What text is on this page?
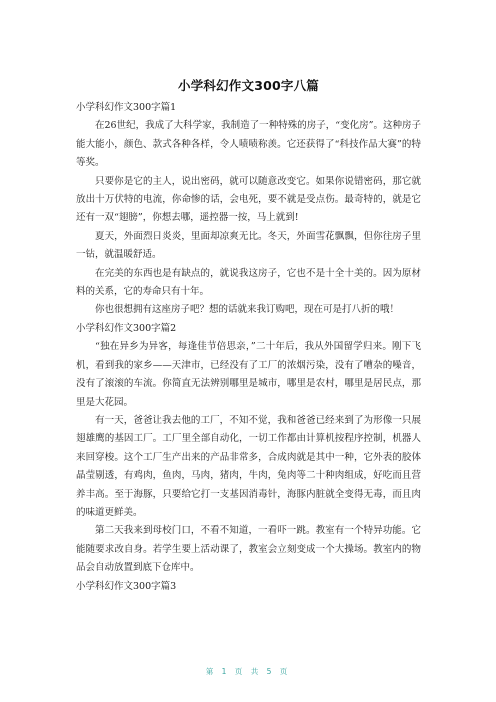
小学科幻作文300字八篇

小学科幻作文300字篇1

在26世纪，我成了大科学家，我制造了一种特殊的房子，“变化房”。这种房子能大能小，颜色、款式各种各样，令人啧啧称羡。它还获得了“科技作品大赛”的特等奖。

只要你是它的主人，说出密码，就可以随意改变它。如果你说错密码，那它就放出十万伏特的电流，你命惨的话，会电死，要不就是受点伤。最奇特的，就是它还有一双“翅膀”，你想去哪，遥控器一按，马上就到!

夏天，外面烈日炎炎，里面却凉爽无比。冬天，外面雪花飘飘，但你往房子里一钻，就温暖舒适。

在完美的东西也是有缺点的，就说我这房子，它也不是十全十美的。因为原材料的关系，它的寿命只有十年。

你也很想拥有这座房子吧？想的话就来我订购吧，现在可是打八折的哦！

小学科幻作文300字篇2

“独在异乡为异客，每逢佳节倍思亲，”二十年后，我从外国留学归来。刚下飞机，看到我的家乡——天津市，已经没有了工厂的浓烟污染，没有了嘈杂的噪音，没有了滚滚的车流。你简直无法辨别哪里是城市，哪里是农村，哪里是居民点，那里是大花园。

有一天，爸爸让我去他的工厂，不知不觉，我和爸爸已经来到了为形像一只展翅雄鹰的基因工厂。工厂里全部自动化，一切工作都由计算机按程序控制，机器人来回穿梭。这个工厂生产出来的产品非常多，合成肉就是其中一种，它外表的胶体晶莹剔透，有鸡肉，鱼肉，马肉，猪肉，牛肉，兔肉等二十种肉组成，好吃而且营养丰高。至于海豚，只要给它打一支基因消毒针，海豚内脏就全变得无毒，而且肉的味道更鲜美。

第二天我来到母校门口，不看不知道，一看吓一跳。教室有一个特异功能。它能随要求改自身。若学生要上活动课了，教室会立刻变成一个大操场。教室内的物品会自动放置到底下仓库中。

小学科幻作文300字篇3

第 1 页 共 5 页
